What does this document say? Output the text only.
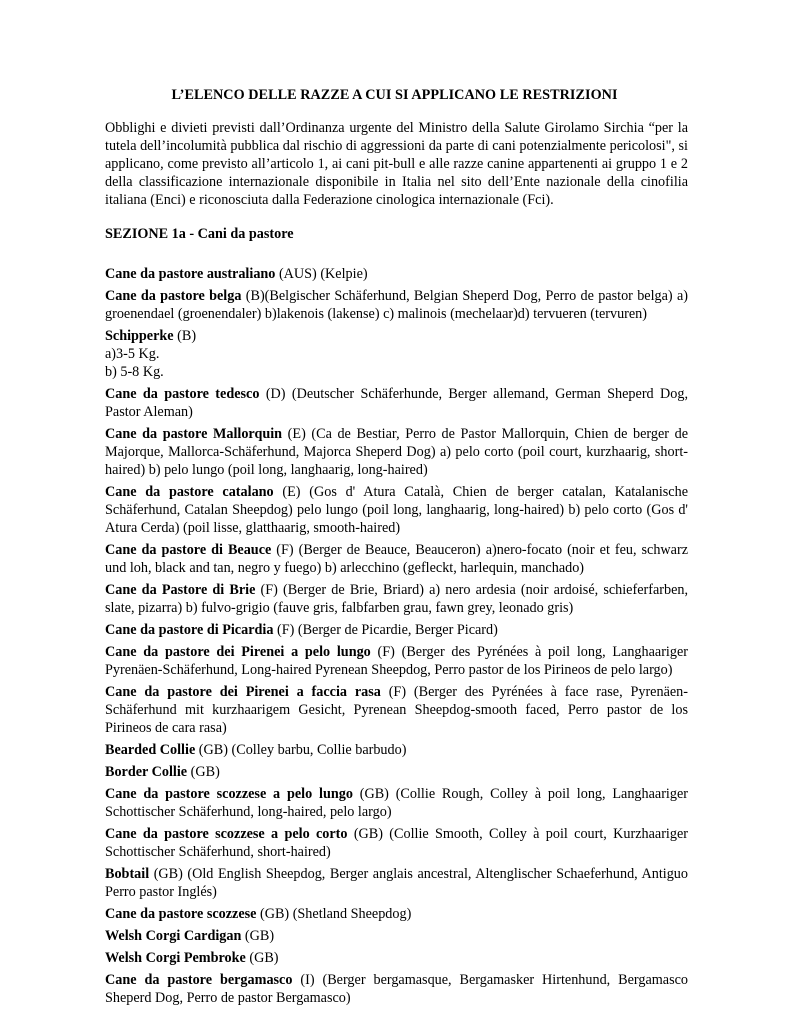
L’ELENCO DELLE RAZZE A CUI SI APPLICANO LE RESTRIZIONI
Obblighi e divieti previsti dall’Ordinanza urgente del Ministro della Salute Girolamo Sirchia “per la tutela dell’incolumità pubblica dal rischio di aggressioni da parte di cani potenzialmente pericolosi", si applicano, come previsto all’articolo 1, ai cani pit-bull e alle razze canine appartenenti ai gruppo 1 e 2 della classificazione internazionale disponibile in Italia nel sito dell’Ente nazionale della cinofilia italiana (Enci) e riconosciuta dalla Federazione cinologica internazionale (Fci).
SEZIONE 1a - Cani da pastore
Cane da pastore australiano (AUS) (Kelpie)
Cane da pastore belga (B)(Belgischer Schäferhund, Belgian Sheperd Dog, Perro de pastor belga) a) groenendael (groenendaler) b)lakenois (lakense) c) malinois (mechelaar)d) tervueren (tervuren)
Schipperke (B)
a)3-5 Kg.
b) 5-8 Kg.
Cane da pastore tedesco (D) (Deutscher Schäferhunde, Berger allemand, German Sheperd Dog, Pastor Aleman)
Cane da pastore Mallorquin (E) (Ca de Bestiar, Perro de Pastor Mallorquin, Chien de berger de Majorque, Mallorca-Schäferhund, Majorca Sheperd Dog) a) pelo corto (poil court, kurzhaarig, short-haired) b) pelo lungo (poil long, langhaarig, long-haired)
Cane da pastore catalano (E) (Gos d' Atura Català, Chien de berger catalan, Katalanische Schäferhund, Catalan Sheepdog) pelo lungo (poil long, langhaarig, long-haired) b) pelo corto (Gos d' Atura Cerda) (poil lisse, glatthaarig, smooth-haired)
Cane da pastore di Beauce (F) (Berger de Beauce, Beauceron) a)nero-focato (noir et feu, schwarz und loh, black and tan, negro y fuego) b) arlecchino (gefleckt, harlequin, manchado)
Cane da Pastore di Brie (F) (Berger de Brie, Briard) a) nero ardesia (noir ardoisé, schieferfarben, slate, pizarra) b) fulvo-grigio (fauve gris, falbfarben grau, fawn grey, leonado gris)
Cane da pastore di Picardia (F) (Berger de Picardie, Berger Picard)
Cane da pastore dei Pirenei a pelo lungo (F) (Berger des Pyrénées à poil long, Langhaariger Pyrenäen-Schäferhund, Long-haired Pyrenean Sheepdog, Perro pastor de los Pirineos de pelo largo)
Cane da pastore dei Pirenei a faccia rasa (F) (Berger des Pyrénées à face rase, Pyrenäen-Schäferhund mit kurzhaarigem Gesicht, Pyrenean Sheepdog-smooth faced, Perro pastor de los Pirineos de cara rasa)
Bearded Collie (GB) (Colley barbu, Collie barbudo)
Border Collie (GB)
Cane da pastore scozzese a pelo lungo (GB) (Collie Rough, Colley à poil long, Langhaariger Schottischer Schäferhund, long-haired, pelo largo)
Cane da pastore scozzese a pelo corto (GB) (Collie Smooth, Colley à poil court, Kurzhaariger Schottischer Schäferhund, short-haired)
Bobtail (GB) (Old English Sheepdog, Berger anglais ancestral, Altenglischer Schaeferhund, Antiguo Perro pastor Inglés)
Cane da pastore scozzese (GB) (Shetland Sheepdog)
Welsh Corgi Cardigan (GB)
Welsh Corgi Pembroke (GB)
Cane da pastore bergamasco (I) (Berger bergamasque, Bergamasker Hirtenhund, Bergamasco Sheperd Dog, Perro de pastor Bergamasco)
